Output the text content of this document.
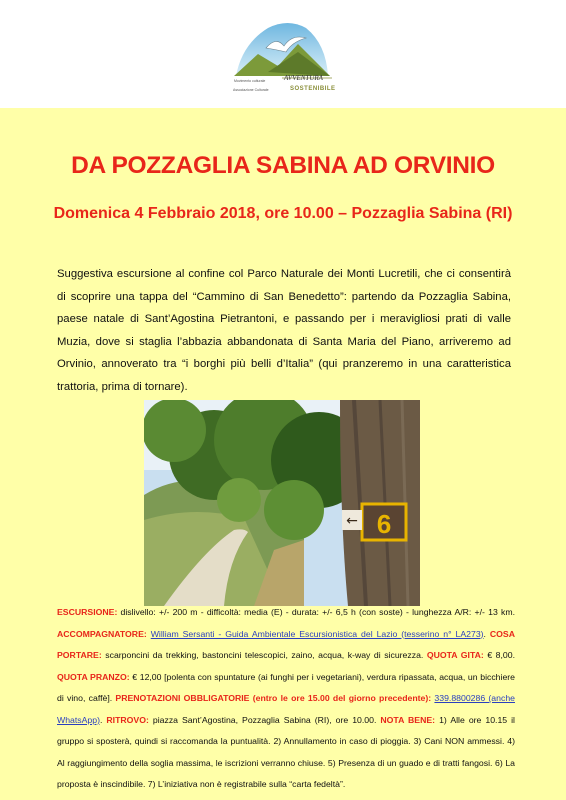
Movimento culturale
Associazione Culturale
AVVENTURA
SOSTENIBILE
DA POZZAGLIA SABINA AD ORVINIO
Domenica 4 Febbraio 2018, ore 10.00 – Pozzaglia Sabina (RI)
Suggestiva escursione al confine col Parco Naturale dei Monti Lucretili, che ci consentirà di scoprire una tappa del “Cammino di San Benedetto”: partendo da Pozzaglia Sabina, paese natale di Sant’Agostina Pietrantoni, e passando per i meravigliosi prati di valle Muzia, dove si staglia l’abbazia abbandonata di Santa Maria del Piano, arriveremo ad Orvinio, annoverato tra “i borghi più belli d’Italia” (qui pranzeremo in una caratteristica trattoria, prima di tornare).
9
←
ESCURSIONE: dislivello: +/- 200 m - difficoltà: media (E) - durata: +/- 6,5 h (con soste) - lunghezza A/R: +/- 13 km. ACCOMPAGNATORE: William Sersanti - Guida Ambientale Escursionistica del Lazio (tesserino n° LA273). COSA PORTARE: scarponcini da trekking, bastoncini telescopici, zaino, acqua, k-way di sicurezza. QUOTA GITA: € 8,00. QUOTA PRANZO: € 12,00 [polenta con spuntature (ai funghi per i vegetariani), verdura ripassata, acqua, un bicchiere di vino, caffè]. PRENOTAZIONI OBBLIGATORIE (entro le ore 15.00 del giorno precedente): 339.8800286 (anche WhatsApp). RITROVO: piazza Sant’Agostina, Pozzaglia Sabina (RI), ore 10.00. NOTA BENE: 1) Alle ore 10.15 il gruppo si sposterà, quindi si raccomanda la puntualità. 2) Annullamento in caso di pioggia. 3) Cani NON ammessi. 4) Al raggiungimento della soglia massima, le iscrizioni verranno chiuse. 5) Presenza di un guado e di tratti fangosi. 6) La proposta è inscindibile. 7) L’iniziativa non è registrabile sulla “carta fedeltà”.
